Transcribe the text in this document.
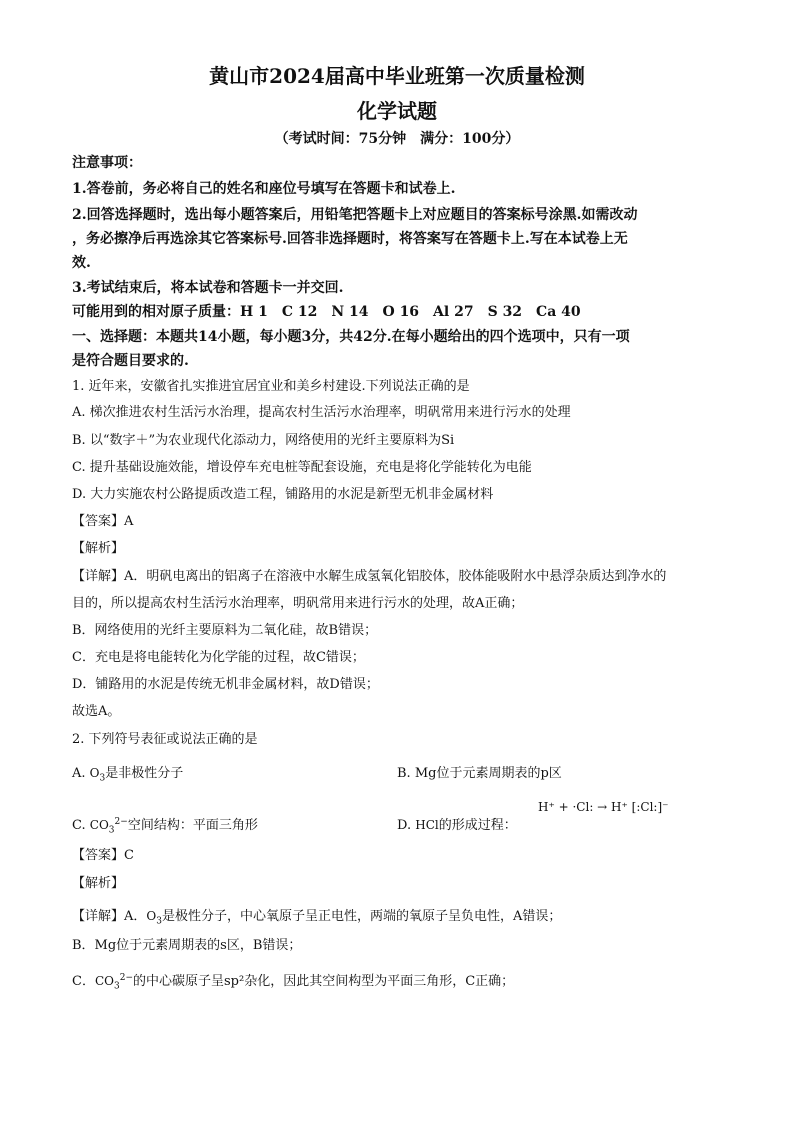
黄山市2024届高中毕业班第一次质量检测
化学试题
（考试时间：75分钟　满分：100分）
注意事项：
1.答卷前，务必将自己的姓名和座位号填写在答题卡和试卷上.
2.回答选择题时，选出每小题答案后，用铅笔把答题卡上对应题目的答案标号涂黑.如需改动
，务必擦净后再选涂其它答案标号.回答非选择题时，将答案写在答题卡上.写在本试卷上无
效.
3.考试结束后，将本试卷和答题卡一并交回.
可能用到的相对原子质量：H 1　C 12　N 14　O 16　Al 27　S 32　Ca 40
一、选择题：本题共14小题，每小题3分，共42分.在每小题给出的四个选项中，只有一项
是符合题目要求的.
1. 近年来，安徽省扎实推进宜居宜业和美乡村建设.下列说法正确的是
A. 梯次推进农村生活污水治理，提高农村生活污水治理率，明矾常用来进行污水的处理
B. 以“数字＋”为农业现代化添动力，网络使用的光纤主要原料为Si
C. 提升基础设施效能，增设停车充电桩等配套设施，充电是将化学能转化为电能
D. 大力实施农村公路提质改造工程，铺路用的水泥是新型无机非金属材料
【答案】A
【解析】
【详解】A．明矾电离出的铝离子在溶液中水解生成氢氧化铝胶体，胶体能吸附水中悬浮杂质达到净水的
目的，所以提高农村生活污水治理率，明矾常用来进行污水的处理，故A正确；
B．网络使用的光纤主要原料为二氧化硅，故B错误；
C．充电是将电能转化为化学能的过程，故C错误；
D．铺路用的水泥是传统无机非金属材料，故D错误；
故选A。
2. 下列符号表征或说法正确的是
A. $O_3$是非极性分子	B. Mg位于元素周期表的p区
C. $CO_3^{2-}$空间结构：平面三角形	D. HCl的形成过程：
H⁺ + ·Cl: → H⁺ [:Cl:]⁻
【答案】C
【解析】
【详解】A．$O_3$是极性分子，中心氧原子呈正电性，两端的氧原子呈负电性，A错误；
B．Mg位于元素周期表的s区，B错误；
C．$CO_3^{2-}$的中心碳原子呈sp²杂化，因此其空间构型为平面三角形，C正确；
